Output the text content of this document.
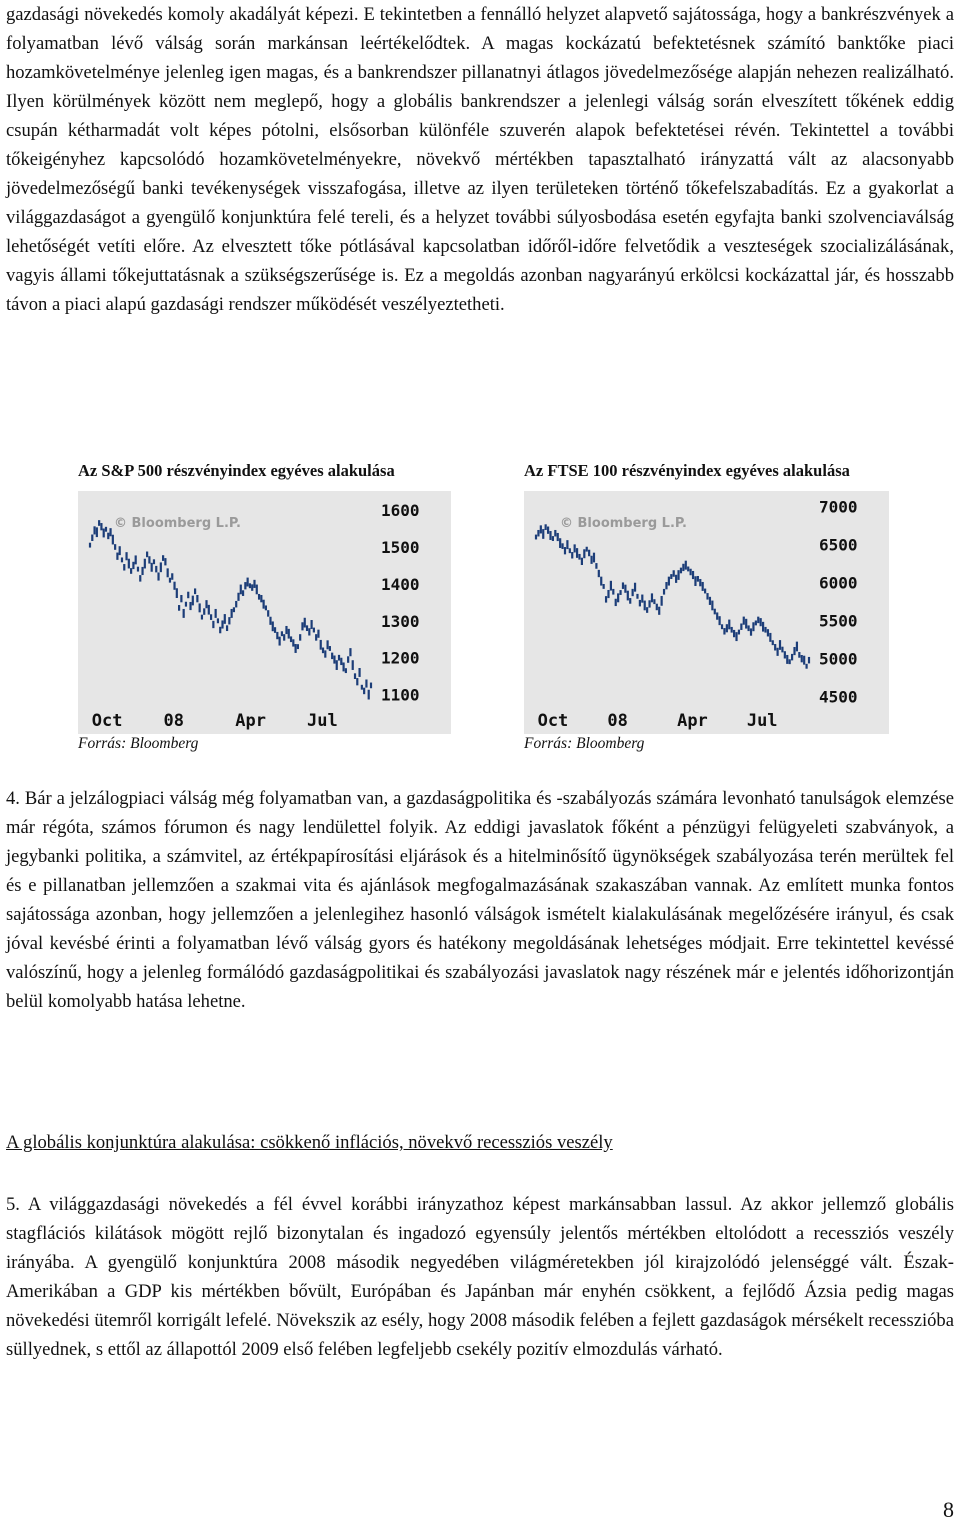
gazdasági növekedés komoly akadályát képezi. E tekintetben a fennálló helyzet alapvető sajátossága, hogy a bankrészvények a folyamatban lévő válság során markánsan leértékelődtek. A magas kockázatú befektetésnek számító banktőke piaci hozamkövetelménye jelenleg igen magas, és a bankrendszer pillanatnyi átlagos jövedelmezősége alapján nehezen realizálható. Ilyen körülmények között nem meglepő, hogy a globális bankrendszer a jelenlegi válság során elveszített tőkének eddig csupán kétharmadát volt képes pótolni, elsősorban különféle szuverén alapok befektetései révén. Tekintettel a további tőkeigényhez kapcsolódó hozamkövetelményekre, növekvő mértékben tapasztalható irányzattá vált az alacsonyabb jövedelmezőségű banki tevékenységek visszafogása, illetve az ilyen területeken történő tőkefelszabadítás. Ez a gyakorlat a világgazdaságot a gyengülő konjunktúra felé tereli, és a helyzet további súlyosbodása esetén egyfajta banki szolvenciaválság lehetőségét vetíti előre. Az elvesztett tőke pótlásával kapcsolatban időről-időre felvetődik a veszteségek szocializálásának, vagyis állami tőkejuttatásnak a szükségszerűsége is. Ez a megoldás azonban nagyarányú erkölcsi kockázattal jár, és hosszabb távon a piaci alapú gazdasági rendszer működését veszélyeztetheti.

Az S&P 500 részvényindex egyéves alakulása	Az FTSE 100 részvényindex egyéves alakulása
© Bloomberg L.P.
1600
1500
1400
1300
1200
1100
Oct 08	Apr Jul
© Bloomberg L.P.
7000
6500
6000
5500
5000
4500
Oct 08	Apr Jul
Forrás: Bloomberg	Forrás: Bloomberg

4. Bár a jelzálogpiaci válság még folyamatban van, a gazdaságpolitika és -szabályozás számára levonható tanulságok elemzése már régóta, számos fórumon és nagy lendülettel folyik. Az eddigi javaslatok főként a pénzügyi felügyeleti szabványok, a jegybanki politika, a számvitel, az értékpapírosítási eljárások és a hitelminősítő ügynökségek szabályozása terén merültek fel és e pillanatban jellemzően a szakmai vita és ajánlások megfogalmazásának szakaszában vannak. Az említett munka fontos sajátossága azonban, hogy jellemzően a jelenlegihez hasonló válságok ismételt kialakulásának megelőzésére irányul, és csak jóval kevésbé érinti a folyamatban lévő válság gyors és hatékony megoldásának lehetséges módjait. Erre tekintettel kevéssé valószínű, hogy a jelenleg formálódó gazdaságpolitikai és szabályozási javaslatok nagy részének már e jelentés időhorizontján belül komolyabb hatása lehetne.

A globális konjunktúra alakulása: csökkenő inflációs, növekvő recessziós veszély

5. A világgazdasági növekedés a fél évvel korábbi irányzathoz képest markánsabban lassul. Az akkor jellemző globális stagflációs kilátások mögött rejlő bizonytalan és ingadozó egyensúly jelentős mértékben eltolódott a recessziós veszély irányába. A gyengülő konjunktúra 2008 második negyedében világméretekben jól kirajzolódó jelenséggé vált. Észak-Amerikában a GDP kis mértékben bővült, Európában és Japánban már enyhén csökkent, a fejlődő Ázsia pedig magas növekedési ütemről korrigált lefelé. Növekszik az esély, hogy 2008 második felében a fejlett gazdaságok mérsékelt recesszióba süllyednek, s ettől az állapottól 2009 első felében legfeljebb csekély pozitív elmozdulás várható.

8
